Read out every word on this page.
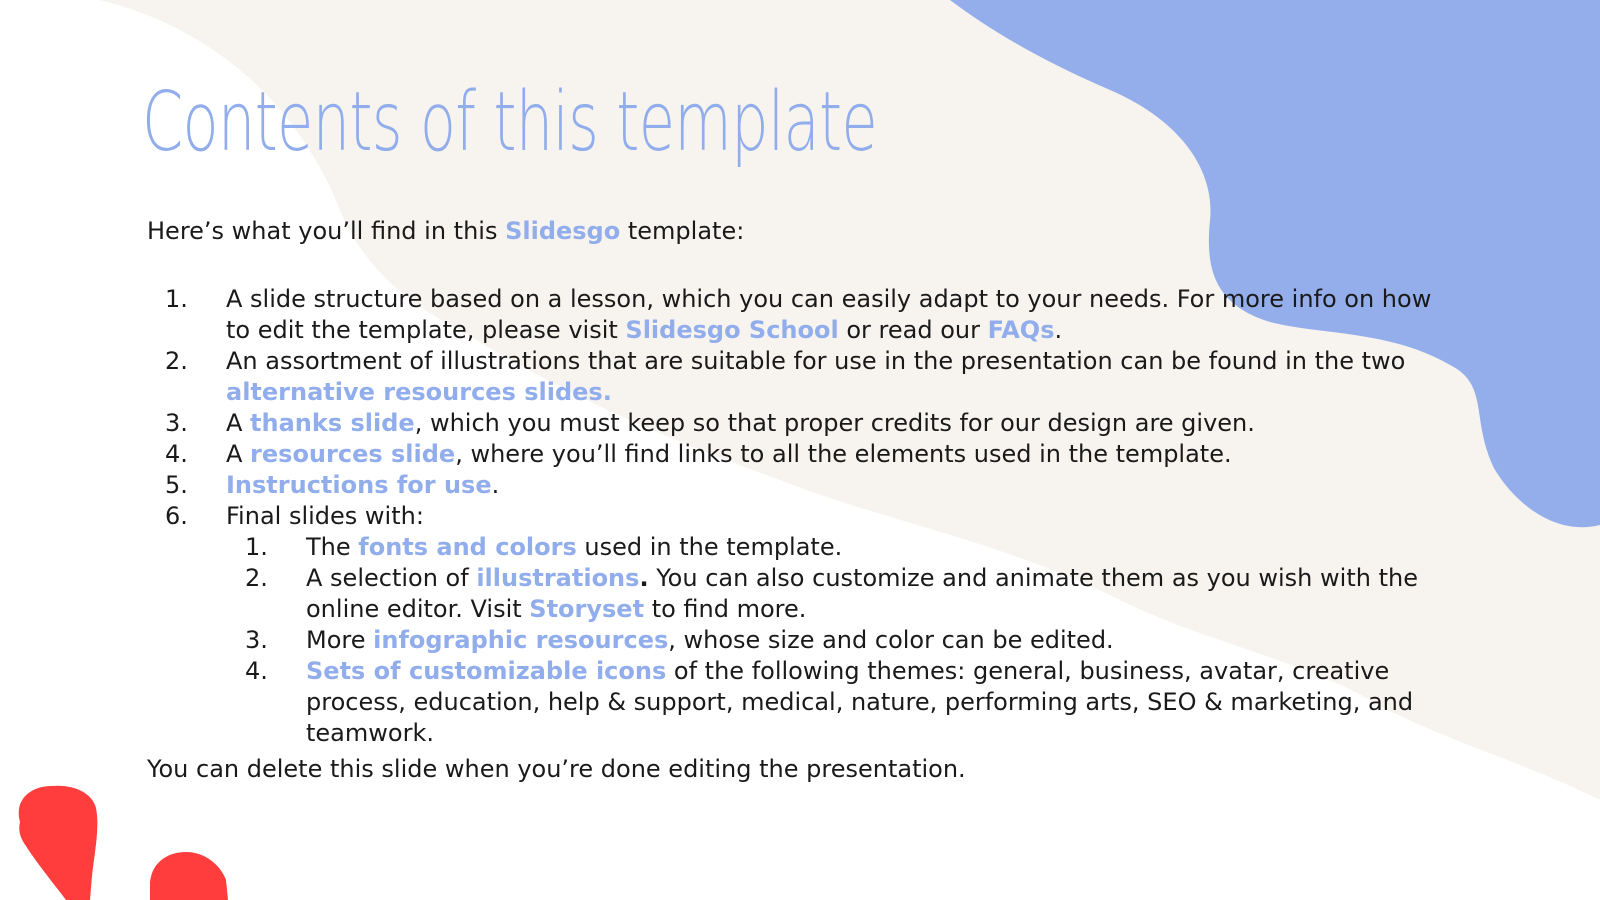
Contents of this template

Here’s what you’ll find in this Slidesgo template:

1. A slide structure based on a lesson, which you can easily adapt to your needs. For more info on how to edit the template, please visit Slidesgo School or read our FAQs.
2. An assortment of illustrations that are suitable for use in the presentation can be found in the two alternative resources slides.
3. A thanks slide, which you must keep so that proper credits for our design are given.
4. A resources slide, where you’ll find links to all the elements used in the template.
5. Instructions for use.
6. Final slides with:
1. The fonts and colors used in the template.
2. A selection of illustrations. You can also customize and animate them as you wish with the online editor. Visit Storyset to find more.
3. More infographic resources, whose size and color can be edited.
4. Sets of customizable icons of the following themes: general, business, avatar, creative process, education, help & support, medical, nature, performing arts, SEO & marketing, and teamwork.

You can delete this slide when you’re done editing the presentation.
